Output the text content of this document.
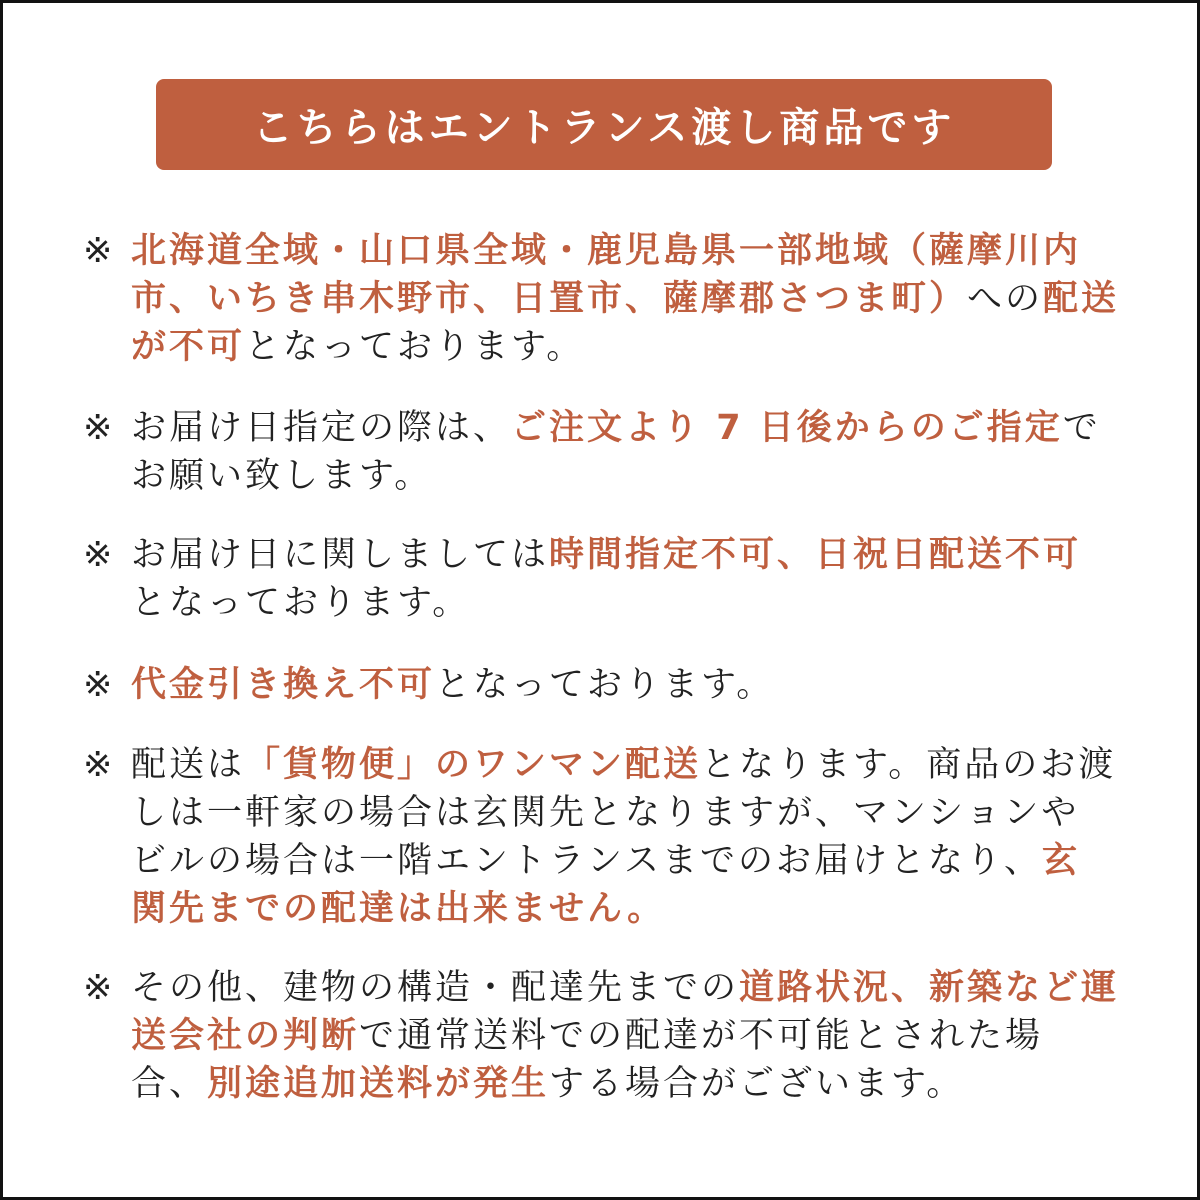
こちらはエントランス渡し商品です
※ 北海道全域・山口県全域・鹿児島県一部地域（薩摩川内
市、いちき串木野市、日置市、薩摩郡さつま町）への配送
が不可となっております。
※ お届け日指定の際は、ご注文より 7 日後からのご指定で
お願い致します。
※ お届け日に関しましては時間指定不可、日祝日配送不可
となっております。
※ 代金引き換え不可となっております。
※ 配送は「貨物便」のワンマン配送となります。商品のお渡
しは一軒家の場合は玄関先となりますが、マンションや
ビルの場合は一階エントランスまでのお届けとなり、玄
関先までの配達は出来ません。
※ その他、建物の構造・配達先までの道路状況、新築など運
送会社の判断で通常送料での配達が不可能とされた場
合、別途追加送料が発生する場合がございます。
